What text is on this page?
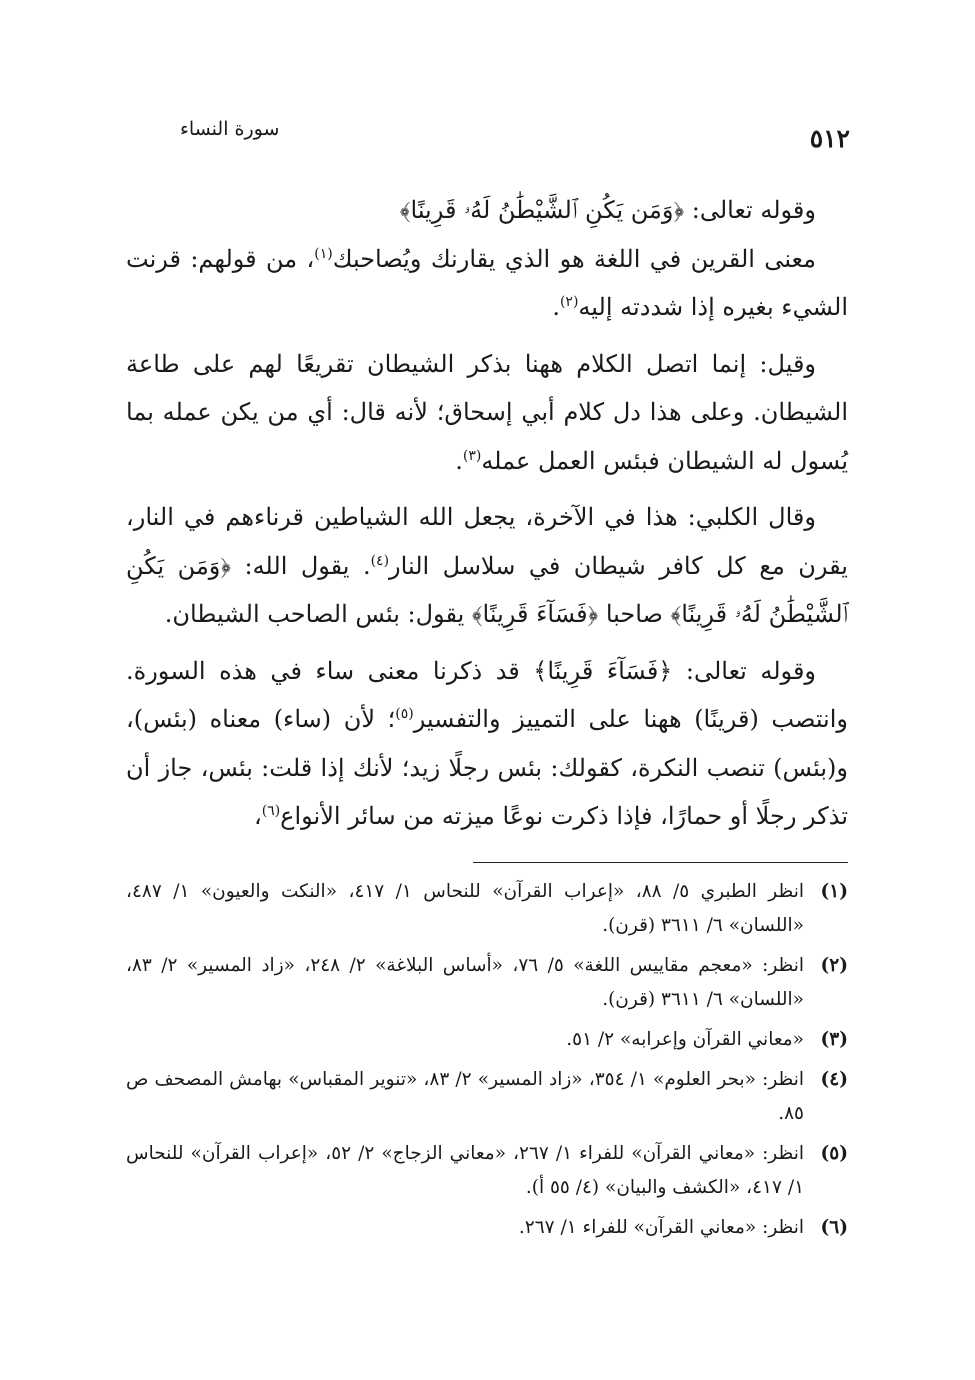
٥١٢
سورة النساء

وقوله تعالى: ﴿وَمَن يَكُنِ ٱلشَّيْطَٰنُ لَهُۥ قَرِينًا﴾

معنى القرين في اللغة هو الذي يقارنك ويُصاحبك$^{(١)}$، من قولهم: قرنت الشيء بغيره إذا شددته إليه$^{(٢)}$.

وقيل: إنما اتصل الكلام ههنا بذكر الشيطان تقريعًا لهم على طاعة الشيطان. وعلى هذا دل كلام أبي إسحاق؛ لأنه قال: أي من يكن عمله بما يُسول له الشيطان فبئس العمل عمله$^{(٣)}$.

وقال الكلبي: هذا في الآخرة، يجعل الله الشياطين قرناءهم في النار، يقرن مع كل كافر شيطان في سلاسل النار$^{(٤)}$. يقول الله: ﴿وَمَن يَكُنِ ٱلشَّيْطَٰنُ لَهُۥ قَرِينًا﴾ صاحبا ﴿فَسَآءَ قَرِينًا﴾ يقول: بئس الصاحب الشيطان.

وقوله تعالى: ﴿فَسَآءَ قَرِينًا﴾ قد ذكرنا معنى ساء في هذه السورة. وانتصب (قرينًا) ههنا على التمييز والتفسير$^{(٥)}$؛ لأن (ساء) معناه (بئس)، و(بئس) تنصب النكرة، كقولك: بئس رجلًا زيد؛ لأنك إذا قلت: بئس، جاز أن تذكر رجلًا أو حمارًا، فإذا ذكرت نوعًا ميزته من سائر الأنواع$^{(٦)}$،

(١)
انظر الطبري ٥/ ٨٨، «إعراب القرآن» للنحاس ١/ ٤١٧، «النكت والعيون» ١/ ٤٨٧، «اللسان» ٦/ ٣٦١١ (قرن).
(٢)
انظر: «معجم مقاييس اللغة» ٥/ ٧٦، «أساس البلاغة» ٢/ ٢٤٨، «زاد المسير» ٢/ ٨٣، «اللسان» ٦/ ٣٦١١ (قرن).
(٣)
«معاني القرآن وإعرابه» ٢/ ٥١.
(٤)
انظر: «بحر العلوم» ١/ ٣٥٤، «زاد المسير» ٢/ ٨٣، «تنوير المقباس» بهامش المصحف ص ٨٥.
(٥)
انظر: «معاني القرآن» للفراء ١/ ٢٦٧، «معاني الزجاج» ٢/ ٥٢، «إعراب القرآن» للنحاس ١/ ٤١٧، «الكشف والبيان» (٤/ ٥٥ أ).
(٦)
انظر: «معاني القرآن» للفراء ١/ ٢٦٧.
